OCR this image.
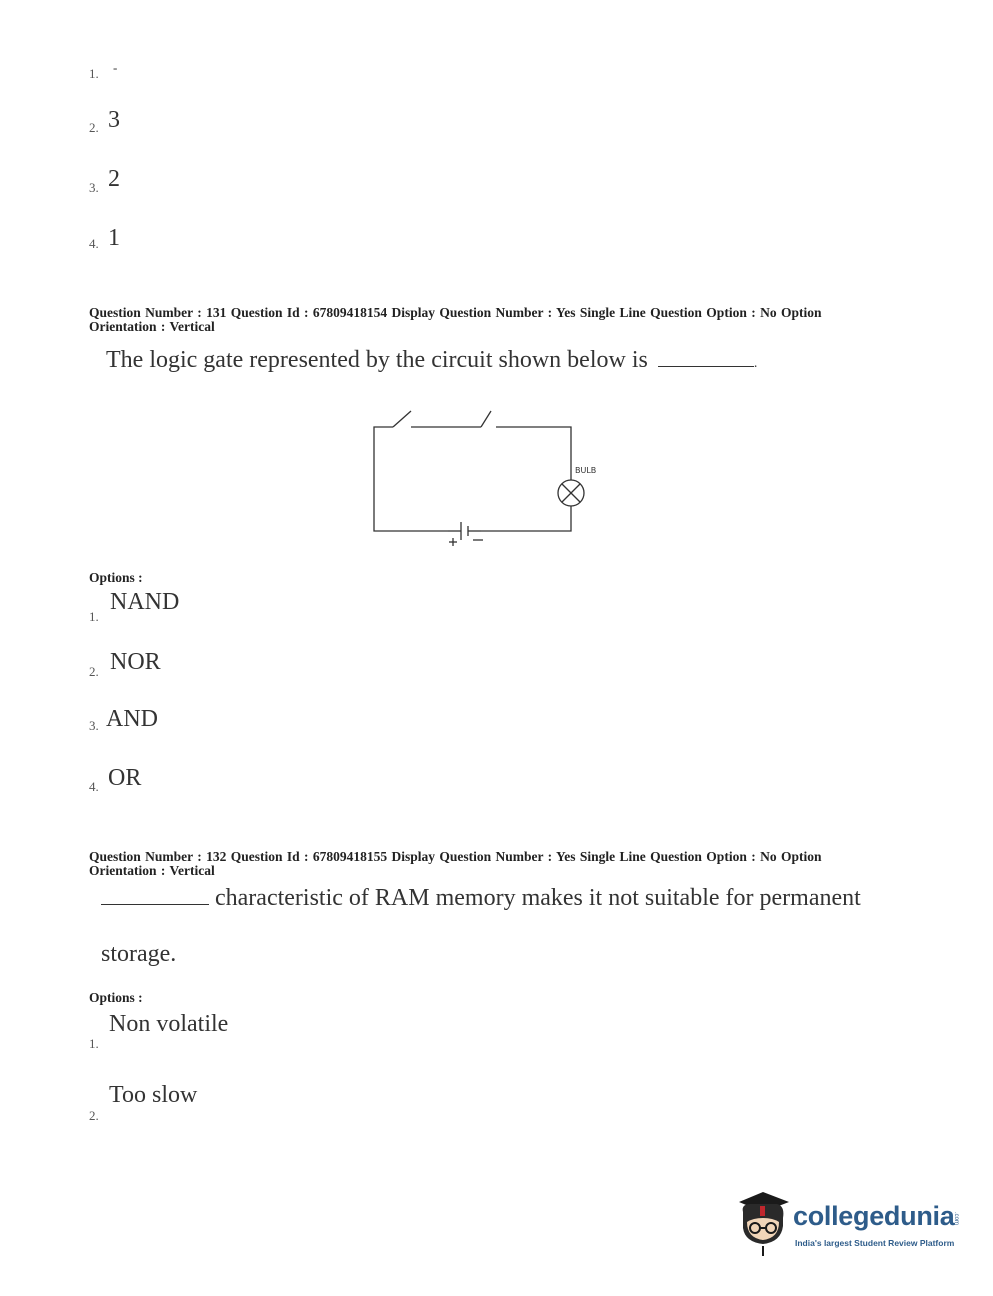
1. -
2. 3
3. 2
4. 1
Question Number : 131 Question Id : 67809418154 Display Question Number : Yes Single Line Question Option : No Option Orientation : Vertical
The logic gate represented by the circuit shown below is	.
BULB
Options :
1.
NAND
2. NOR
3. AND
4. OR
Question Number : 132 Question Id : 67809418155 Display Question Number : Yes Single Line Question Option : No Option Orientation : Vertical
characteristic of RAM memory makes it not suitable for permanent
storage.
Options :
1.
Non volatile
2.
Too slow
collegedunia
.com
India's largest Student Review Platform
